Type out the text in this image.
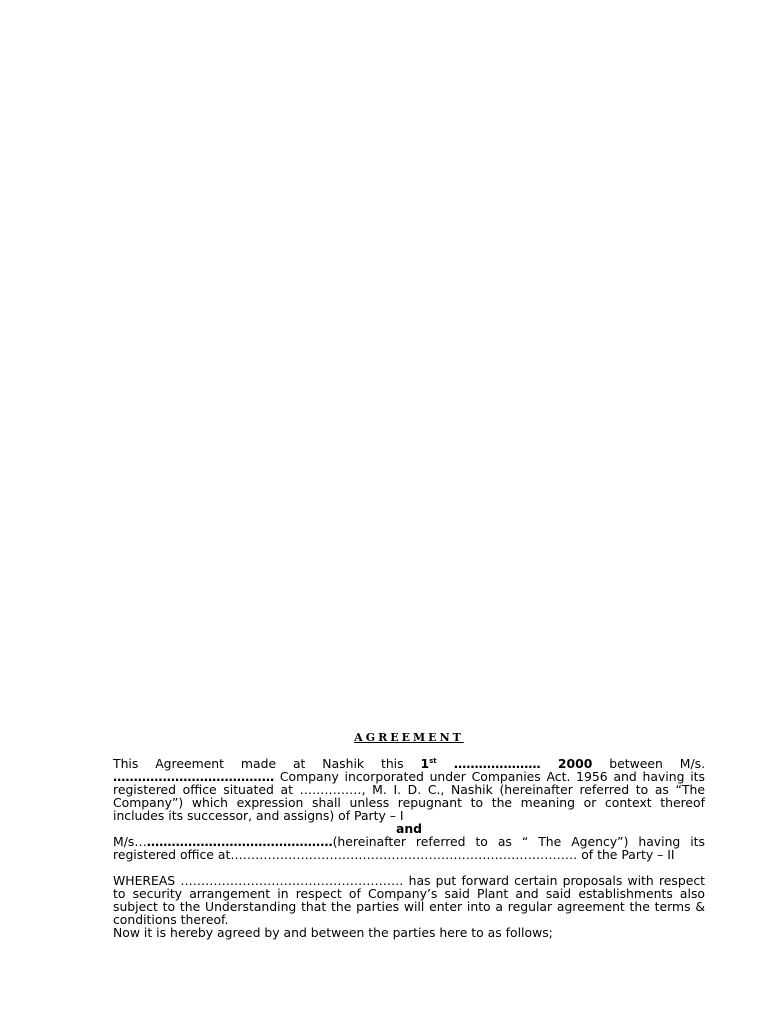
AGREEMENT

This Agreement made at Nashik this 1st ………………… 2000 between M/s. ………………………………… Company incorporated under Companies Act. 1956 and having its registered office situated at ……………, M. I. D. C., Nashik (hereinafter referred to as “The Company”) which expression shall unless repugnant to the meaning or context thereof includes its successor, and assigns) of Party – I

and

M/s…………………………………………(hereinafter referred to as “ The Agency”) having its registered office at………………………………………………………………………… of the Party – II

WHEREAS ……………………………………………… has put forward certain proposals with respect to security arrangement in respect of Company’s said Plant and said establishments also subject to the Understanding that the parties will enter into a regular agreement the terms & conditions thereof.

Now it is hereby agreed by and between the parties here to as follows;
